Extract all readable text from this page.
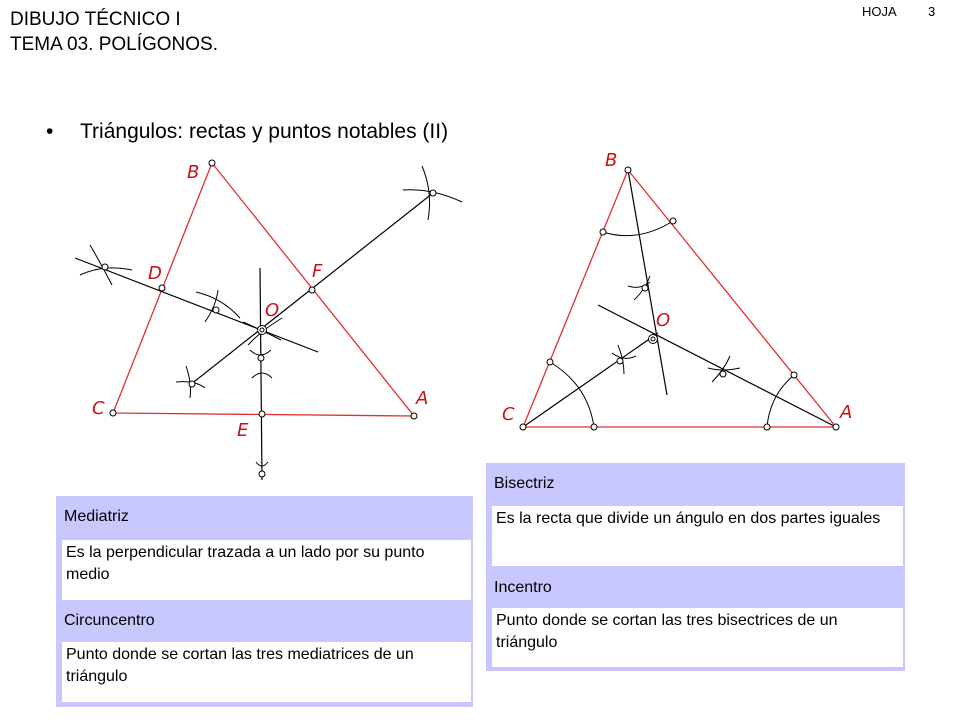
DIBUJO TÉCNICO I
TEMA 03. POLÍGONOS.
HOJA 3
• Triángulos: rectas y puntos notables (II)
B
C	A
D
E
F
O
B
C	A
O
Mediatriz
Es la perpendicular trazada a un lado por su punto medio
Circuncentro
Punto donde se cortan las tres mediatrices de un triángulo
Bisectriz
Es la recta que divide un ángulo en dos partes iguales
Incentro
Punto donde se cortan las tres bisectrices de un triángulo
